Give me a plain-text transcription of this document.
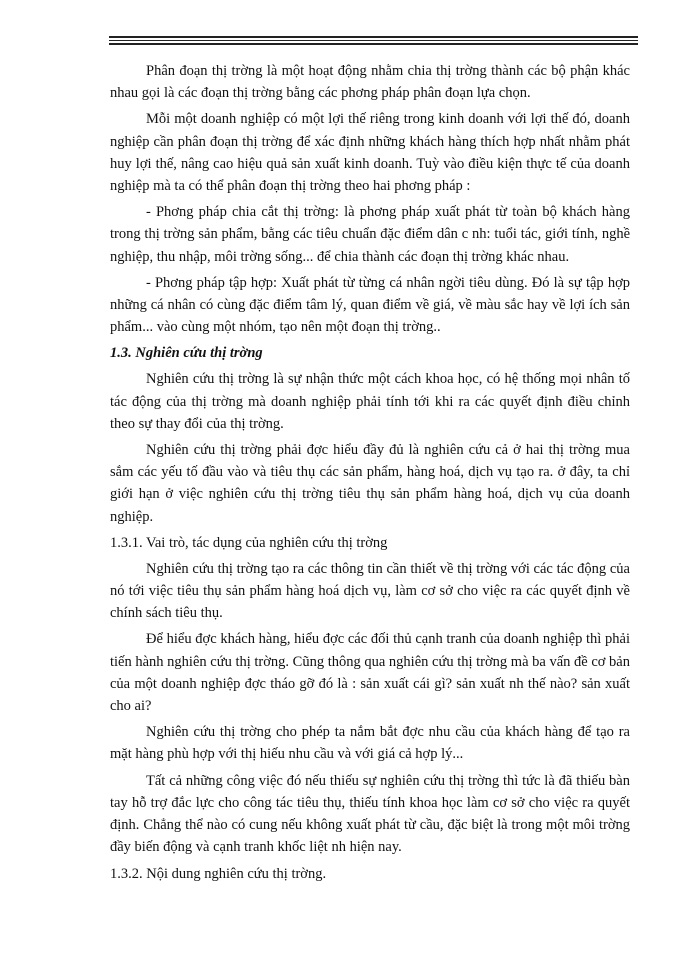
Phân đoạn thị trờng là một hoạt động nhằm chia thị trờng thành các bộ phận khác nhau gọi là các đoạn thị trờng bằng các phơng pháp phân đoạn lựa chọn.

Mỗi một doanh nghiệp có một lợi thế riêng trong kinh doanh với lợi thế đó, doanh nghiệp cần phân đoạn thị trờng để xác định những khách hàng thích hợp nhất nhằm phát huy lợi thế, nâng cao hiệu quả sản xuất kinh doanh. Tuỳ vào điều kiện thực tế của doanh nghiệp mà ta có thể phân đoạn thị trờng theo hai phơng pháp :

- Phơng pháp chia cắt thị trờng: là phơng pháp xuất phát từ toàn bộ khách hàng trong thị trờng sản phẩm, bằng các tiêu chuẩn đặc điểm dân c nh: tuổi tác, giới tính, nghề nghiệp, thu nhập, môi trờng sống... để chia thành các đoạn thị trờng khác nhau.

- Phơng pháp tập hợp: Xuất phát từ từng cá nhân ngời tiêu dùng. Đó là sự tập hợp những cá nhân có cùng đặc điểm tâm lý, quan điểm về giá, về màu sắc hay về lợi ích sản phẩm... vào cùng một nhóm, tạo nên một đoạn thị trờng..

1.3. Nghiên cứu thị trờng

Nghiên cứu thị trờng là sự nhận thức một cách khoa học, có hệ thống mọi nhân tố tác động của thị trờng mà doanh nghiệp phải tính tới khi ra các quyết định điều chỉnh theo sự thay đổi của thị trờng.

Nghiên cứu thị trờng phải đợc hiểu đầy đủ là nghiên cứu cả ở hai thị trờng mua sắm các yếu tố đầu vào và tiêu thụ các sản phẩm, hàng hoá, dịch vụ tạo ra. ở đây, ta chỉ giới hạn ở việc nghiên cứu thị trờng tiêu thụ sản phẩm hàng hoá, dịch vụ của doanh nghiệp.

1.3.1. Vai trò, tác dụng của nghiên cứu thị trờng

Nghiên cứu thị trờng tạo ra các thông tin cần thiết về thị trờng với các tác động của nó tới việc tiêu thụ sản phẩm hàng hoá dịch vụ, làm cơ sở cho việc ra các quyết định về chính sách tiêu thụ.

Để hiểu đợc khách hàng, hiểu đợc các đối thủ cạnh tranh của doanh nghiệp thì phải tiến hành nghiên cứu thị trờng. Cũng thông qua nghiên cứu thị trờng mà ba vấn đề cơ bản của một doanh nghiệp đợc tháo gỡ đó là : sản xuất cái gì? sản xuất nh thế nào? sản xuất cho ai?

Nghiên cứu thị trờng cho phép ta nắm bắt đợc nhu cầu của khách hàng để tạo ra mặt hàng phù hợp với thị hiếu nhu cầu và với giá cả hợp lý...

Tất cả những công việc đó nếu thiếu sự nghiên cứu thị trờng thì tức là đã thiếu bàn tay hỗ trợ đắc lực cho công tác tiêu thụ, thiếu tính khoa học làm cơ sở cho việc ra quyết định. Chẳng thể nào có cung nếu không xuất phát từ cầu, đặc biệt là trong một môi trờng đầy biến động và cạnh tranh khốc liệt nh hiện nay.

1.3.2. Nội dung nghiên cứu thị trờng.
